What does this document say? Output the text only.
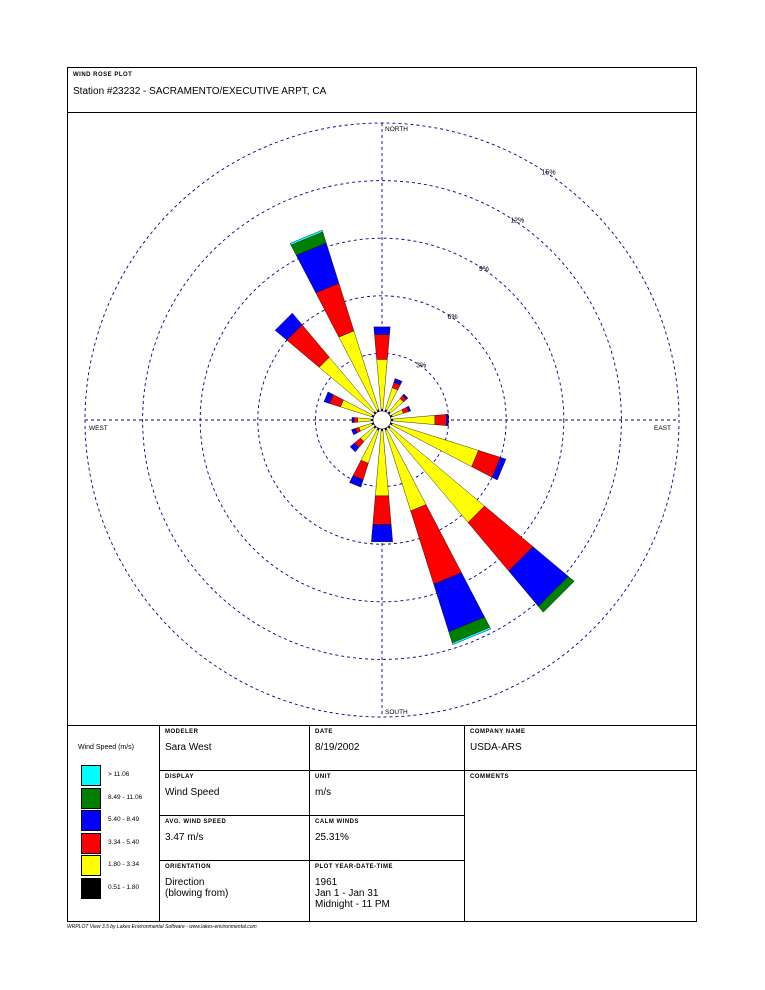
WIND ROSE PLOT
Station #23232 - SACRAMENTO/EXECUTIVE ARPT, CA
3%
6%
9%
12%
15%
NORTH
SOUTH
EAST
WEST
Wind Speed (m/s)
> 11.06
8.49 - 11.06
5.40 - 8.49
3.34 - 5.40
1.80 - 3.34
0.51 - 1.80
MODELER
Sara West
DATE
8/19/2002
COMPANY NAME
USDA-ARS
DISPLAY
Wind Speed
UNIT
m/s
COMMENTS
AVG. WIND SPEED
3.47 m/s
CALM WINDS
25.31%
ORIENTATION
Direction
(blowing from)
PLOT YEAR-DATE-TIME
1961
Jan 1 - Jan 31
Midnight - 11 PM
WRPLOT View 3.5 by Lakes Environmental Software - www.lakes-environmental.com
